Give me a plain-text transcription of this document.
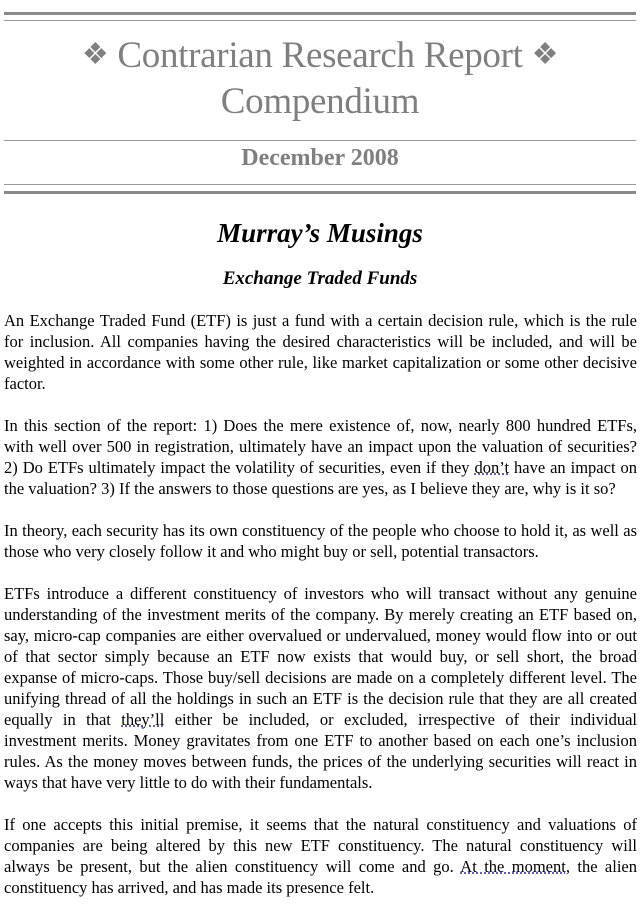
❖ Contrarian Research Report ❖
Compendium
December 2008
Murray’s Musings
Exchange Traded Funds

An Exchange Traded Fund (ETF) is just a fund with a certain decision rule, which is the rule for inclusion. All companies having the desired characteristics will be included, and will be weighted in accordance with some other rule, like market capitalization or some other decisive factor.

In this section of the report: 1) Does the mere existence of, now, nearly 800 hundred ETFs, with well over 500 in registration, ultimately have an impact upon the valuation of securities? 2) Do ETFs ultimately impact the volatility of securities, even if they don’t have an impact on the valuation? 3) If the answers to those questions are yes, as I believe they are, why is it so?

In theory, each security has its own constituency of the people who choose to hold it, as well as those who very closely follow it and who might buy or sell, potential transactors.

ETFs introduce a different constituency of investors who will transact without any genuine understanding of the investment merits of the company. By merely creating an ETF based on, say, micro-cap companies are either overvalued or undervalued, money would flow into or out of that sector simply because an ETF now exists that would buy, or sell short, the broad expanse of micro-caps. Those buy/sell decisions are made on a completely different level. The unifying thread of all the holdings in such an ETF is the decision rule that they are all created equally in that they’ll either be included, or excluded, irrespective of their individual investment merits. Money gravitates from one ETF to another based on each one’s inclusion rules. As the money moves between funds, the prices of the underlying securities will react in ways that have very little to do with their fundamentals.

If one accepts this initial premise, it seems that the natural constituency and valuations of companies are being altered by this new ETF constituency. The natural constituency will always be present, but the alien constituency will come and go. At the moment, the alien constituency has arrived, and has made its presence felt.
